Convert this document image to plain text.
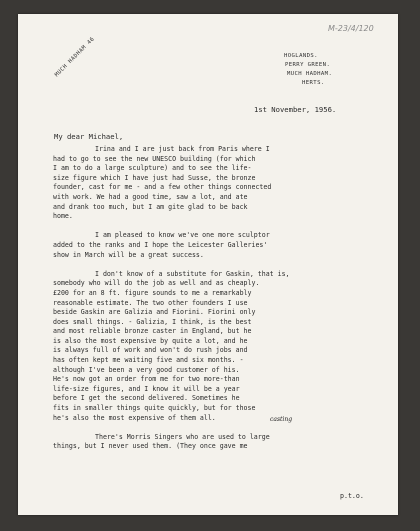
M-23/4/120
MUCH HADHAM 46	HOGLANDS.
PERRY GREEN.
MUCH HADHAM.
HERTS.
1st November, 1956.
My dear Michael,
Irina and I are just back from Paris where I
had to go to see the new UNESCO building (for which
I am to do a large sculpture) and to see the life-
size figure which I have just had Susse, the bronze
founder, cast for me - and a few other things connected
with work. We had a good time, saw a lot, and ate
and drank too much, but I am gite glad to be back
home.
I am pleased to know we've one more sculptor
added to the ranks and I hope the Leicester Galleries'
show in March will be a great success.
I don't know of a substitute for Gaskin, that is,
somebody who will do the job as well and as cheaply.
£200 for an 8 ft. figure sounds to me a remarkably
reasonable estimate. The two other founders I use
beside Gaskin are Galizia and Fiorini. Fiorini only
does small things. - Galizia, I think, is the best
and most reliable bronze caster in England, but he
is also the most expensive by quite a lot, and he
is always full of work and won't do rush jobs and
has often kept me waiting five and six months. -
although I've been a very good customer of his.
He's now got an order from me for two more-than
life-size figures, and I know it will be a year
before I get the second delivered. Sometimes he
fits in smaller things quite quickly, but for those
he's also the most expensive of them all.
There's Morris Singers who are used to large
things, but I never used them. (They once gave me
casting
p.t.o.
